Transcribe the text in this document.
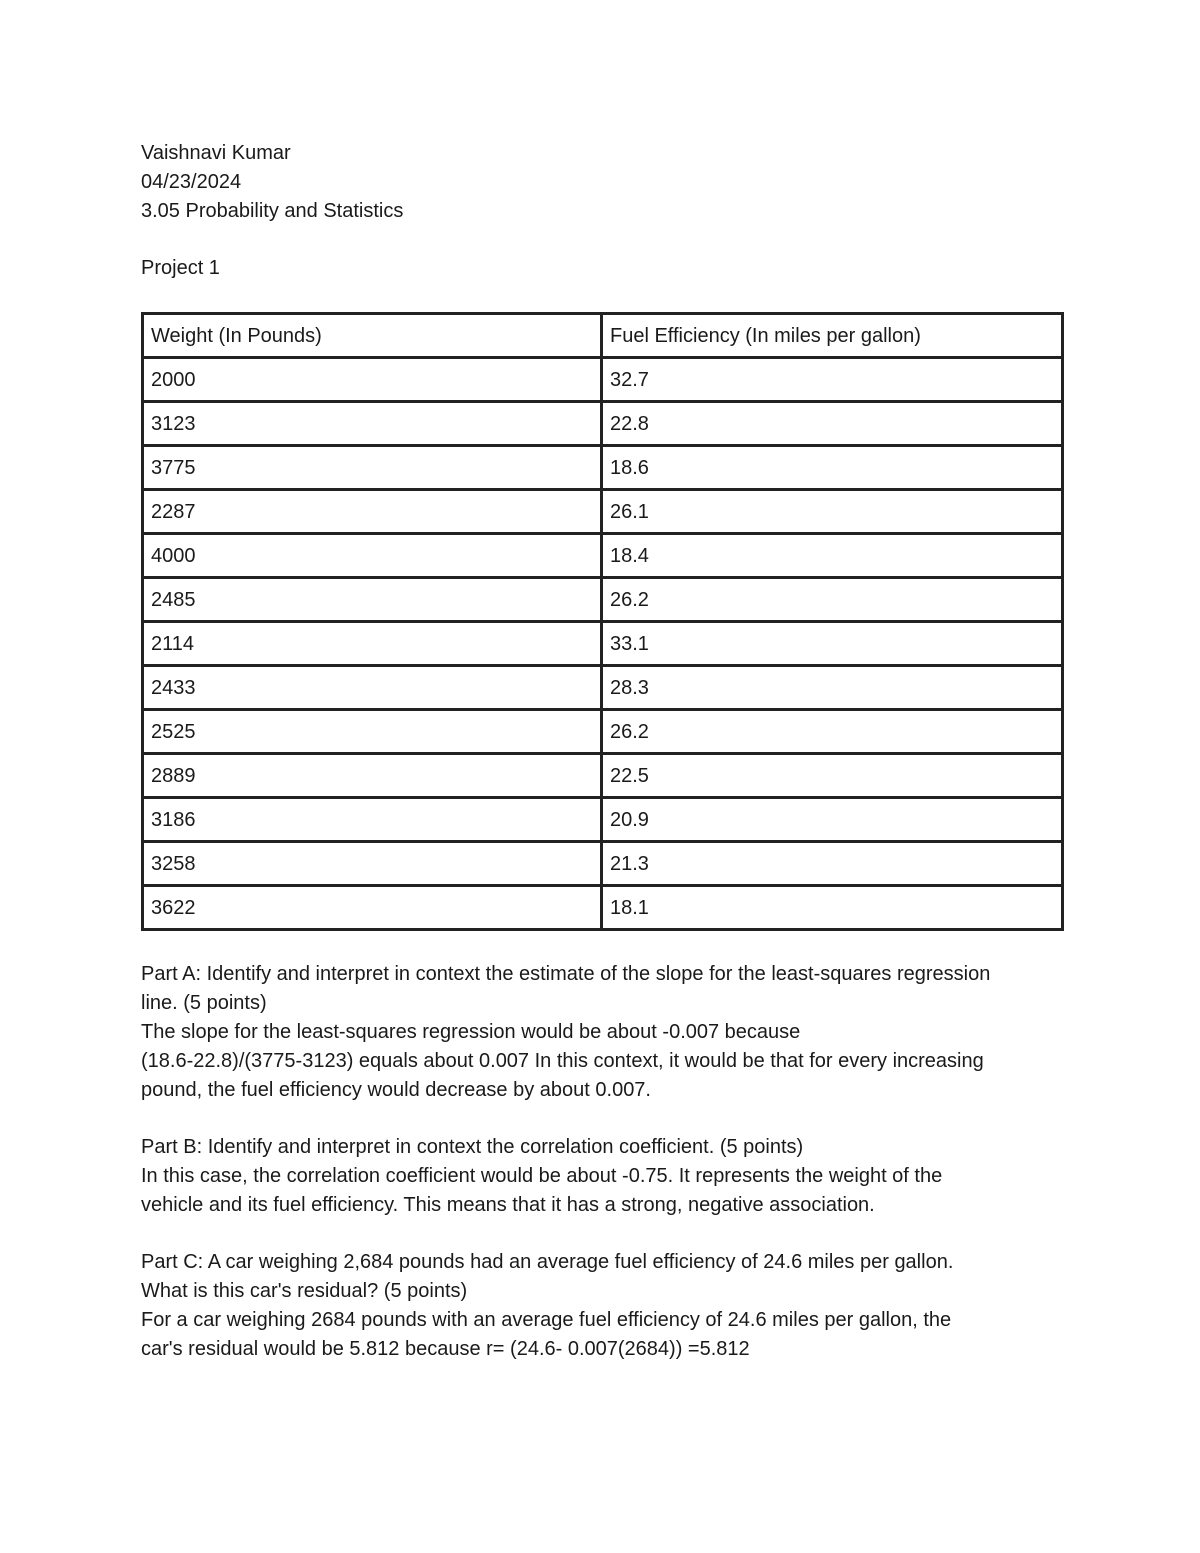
Vaishnavi Kumar
04/23/2024
3.05 Probability and Statistics
Project 1
Weight (In Pounds)	Fuel Efficiency (In miles per gallon)
2000	32.7
3123	22.8
3775	18.6
2287	26.1
4000	18.4
2485	26.2
2114	33.1
2433	28.3
2525	26.2
2889	22.5
3186	20.9
3258	21.3
3622	18.1
Part A: Identify and interpret in context the estimate of the slope for the least-squares regression
line. (5 points)
The slope for the least-squares regression would be about -0.007 because
(18.6-22.8)/(3775-3123) equals about 0.007 In this context, it would be that for every increasing
pound, the fuel efficiency would decrease by about 0.007.
Part B: Identify and interpret in context the correlation coefficient. (5 points)
In this case, the correlation coefficient would be about -0.75. It represents the weight of the
vehicle and its fuel efficiency. This means that it has a strong, negative association.
Part C: A car weighing 2,684 pounds had an average fuel efficiency of 24.6 miles per gallon.
What is this car's residual? (5 points)
For a car weighing 2684 pounds with an average fuel efficiency of 24.6 miles per gallon, the
car's residual would be 5.812 because r= (24.6- 0.007(2684)) =5.812
